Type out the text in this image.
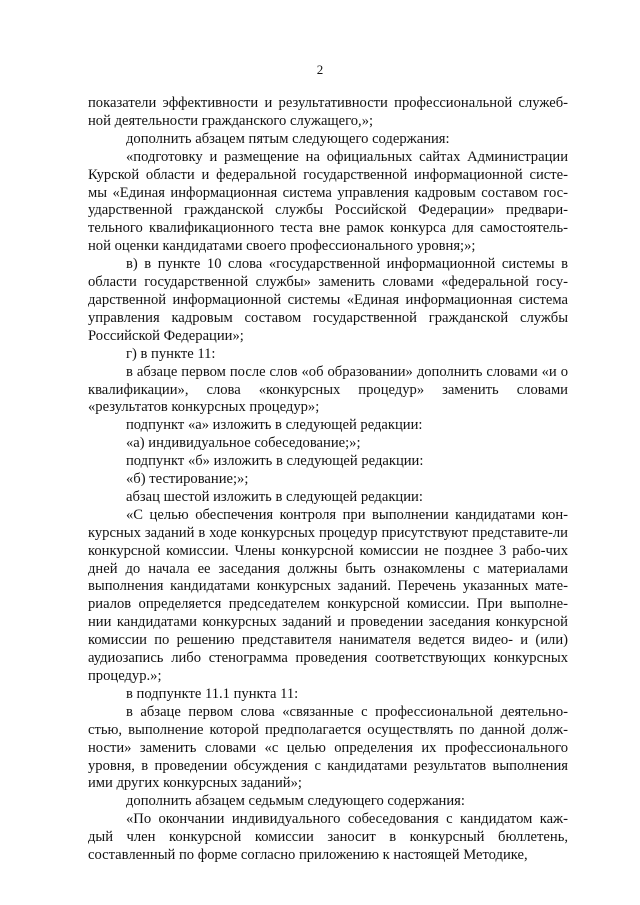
2

показатели эффективности и результативности профессиональной служеб-ной деятельности гражданского служащего,»;

дополнить абзацем пятым следующего содержания:

«подготовку и размещение на официальных сайтах Администрации Курской области и федеральной государственной информационной систе-мы «Единая информационная система управления кадровым составом гос-ударственной гражданской службы Российской Федерации» предвари-тельного квалификационного теста вне рамок конкурса для самостоятель-ной оценки кандидатами своего профессионального уровня;»;

в) в пункте 10 слова «государственной информационной системы в области государственной службы» заменить словами «федеральной госу-дарственной информационной системы «Единая информационная система управления кадровым составом государственной гражданской службы Российской Федерации»;

г) в пункте 11:

в абзаце первом после слов «об образовании» дополнить словами «и о квалификации», слова «конкурсных процедур» заменить словами «результатов конкурсных процедур»;

подпункт «а» изложить в следующей редакции:

«а) индивидуальное собеседование;»;

подпункт «б» изложить в следующей редакции:

«б) тестирование;»;

абзац шестой изложить в следующей редакции:

«С целью обеспечения контроля при выполнении кандидатами кон-курсных заданий в ходе конкурсных процедур присутствуют представите-ли конкурсной комиссии. Члены конкурсной комиссии не позднее 3 рабо-чих дней до начала ее заседания должны быть ознакомлены с материалами выполнения кандидатами конкурсных заданий. Перечень указанных мате-риалов определяется председателем конкурсной комиссии. При выполне-нии кандидатами конкурсных заданий и проведении заседания конкурсной комиссии по решению представителя нанимателя ведется видео- и (или) аудиозапись либо стенограмма проведения соответствующих конкурсных процедур.»;

в подпункте 11.1 пункта 11:

в абзаце первом слова «связанные с профессиональной деятельно-стью, выполнение которой предполагается осуществлять по данной долж-ности» заменить словами «с целью определения их профессионального уровня, в проведении обсуждения с кандидатами результатов выполнения ими других конкурсных заданий»;

дополнить абзацем седьмым следующего содержания:

«По окончании индивидуального собеседования с кандидатом каж-дый член конкурсной комиссии заносит в конкурсный бюллетень, составленный по форме согласно приложению к настоящей Методике,
